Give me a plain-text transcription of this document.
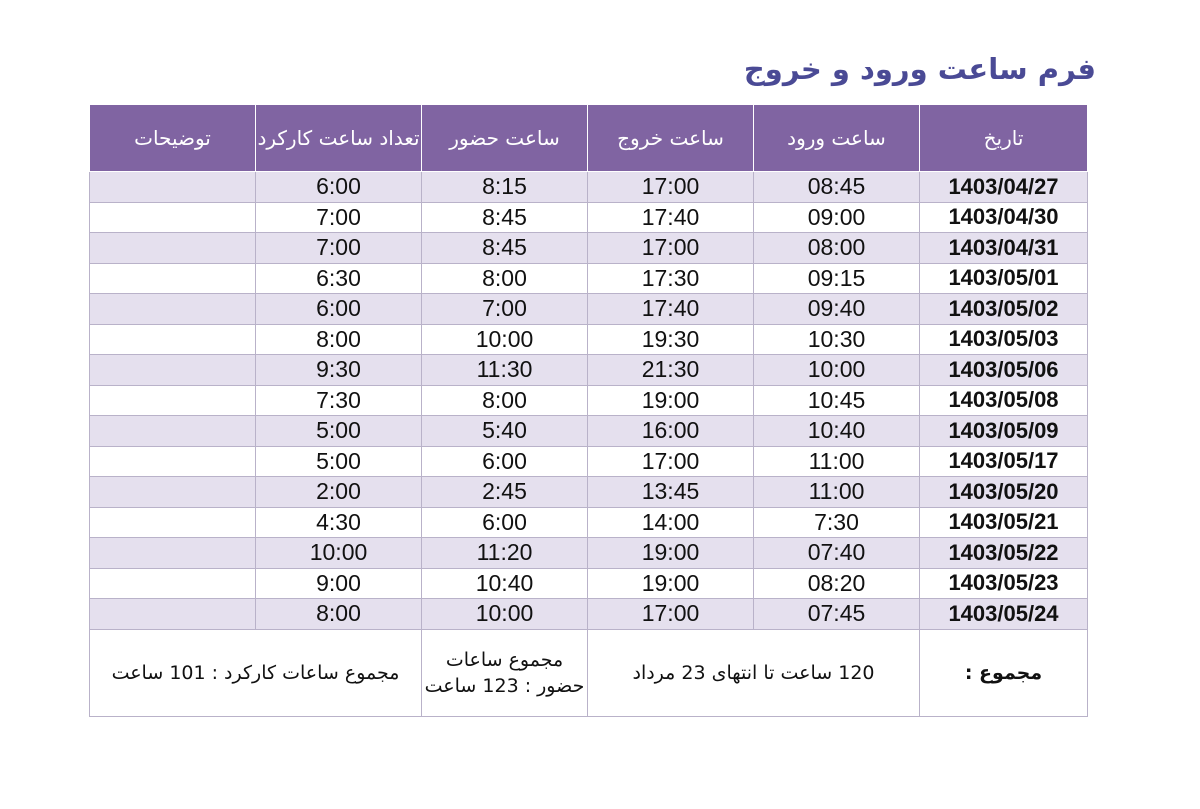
فرم ساعت ورود و خروج
تاریخ	ساعت ورود	ساعت خروج	ساعت حضور	تعداد ساعت کارکرد	توضیحات
1403/04/27	08:45	17:00	8:15	6:00	
1403/04/30	09:00	17:40	8:45	7:00	
1403/04/31	08:00	17:00	8:45	7:00	
1403/05/01	09:15	17:30	8:00	6:30	
1403/05/02	09:40	17:40	7:00	6:00	
1403/05/03	10:30	19:30	10:00	8:00	
1403/05/06	10:00	21:30	11:30	9:30	
1403/05/08	10:45	19:00	8:00	7:30	
1403/05/09	10:40	16:00	5:40	5:00	
1403/05/17	11:00	17:00	6:00	5:00	
1403/05/20	11:00	13:45	2:45	2:00	
1403/05/21	7:30	14:00	6:00	4:30	
1403/05/22	07:40	19:00	11:20	10:00	
1403/05/23	08:20	19:00	10:40	9:00	
1403/05/24	07:45	17:00	10:00	8:00	
مجموع :	120 ساعت تا انتهای 23 مرداد		مجموع ساعات حضور : 123 ساعت	مجموع ساعات کارکرد : 101 ساعت	
